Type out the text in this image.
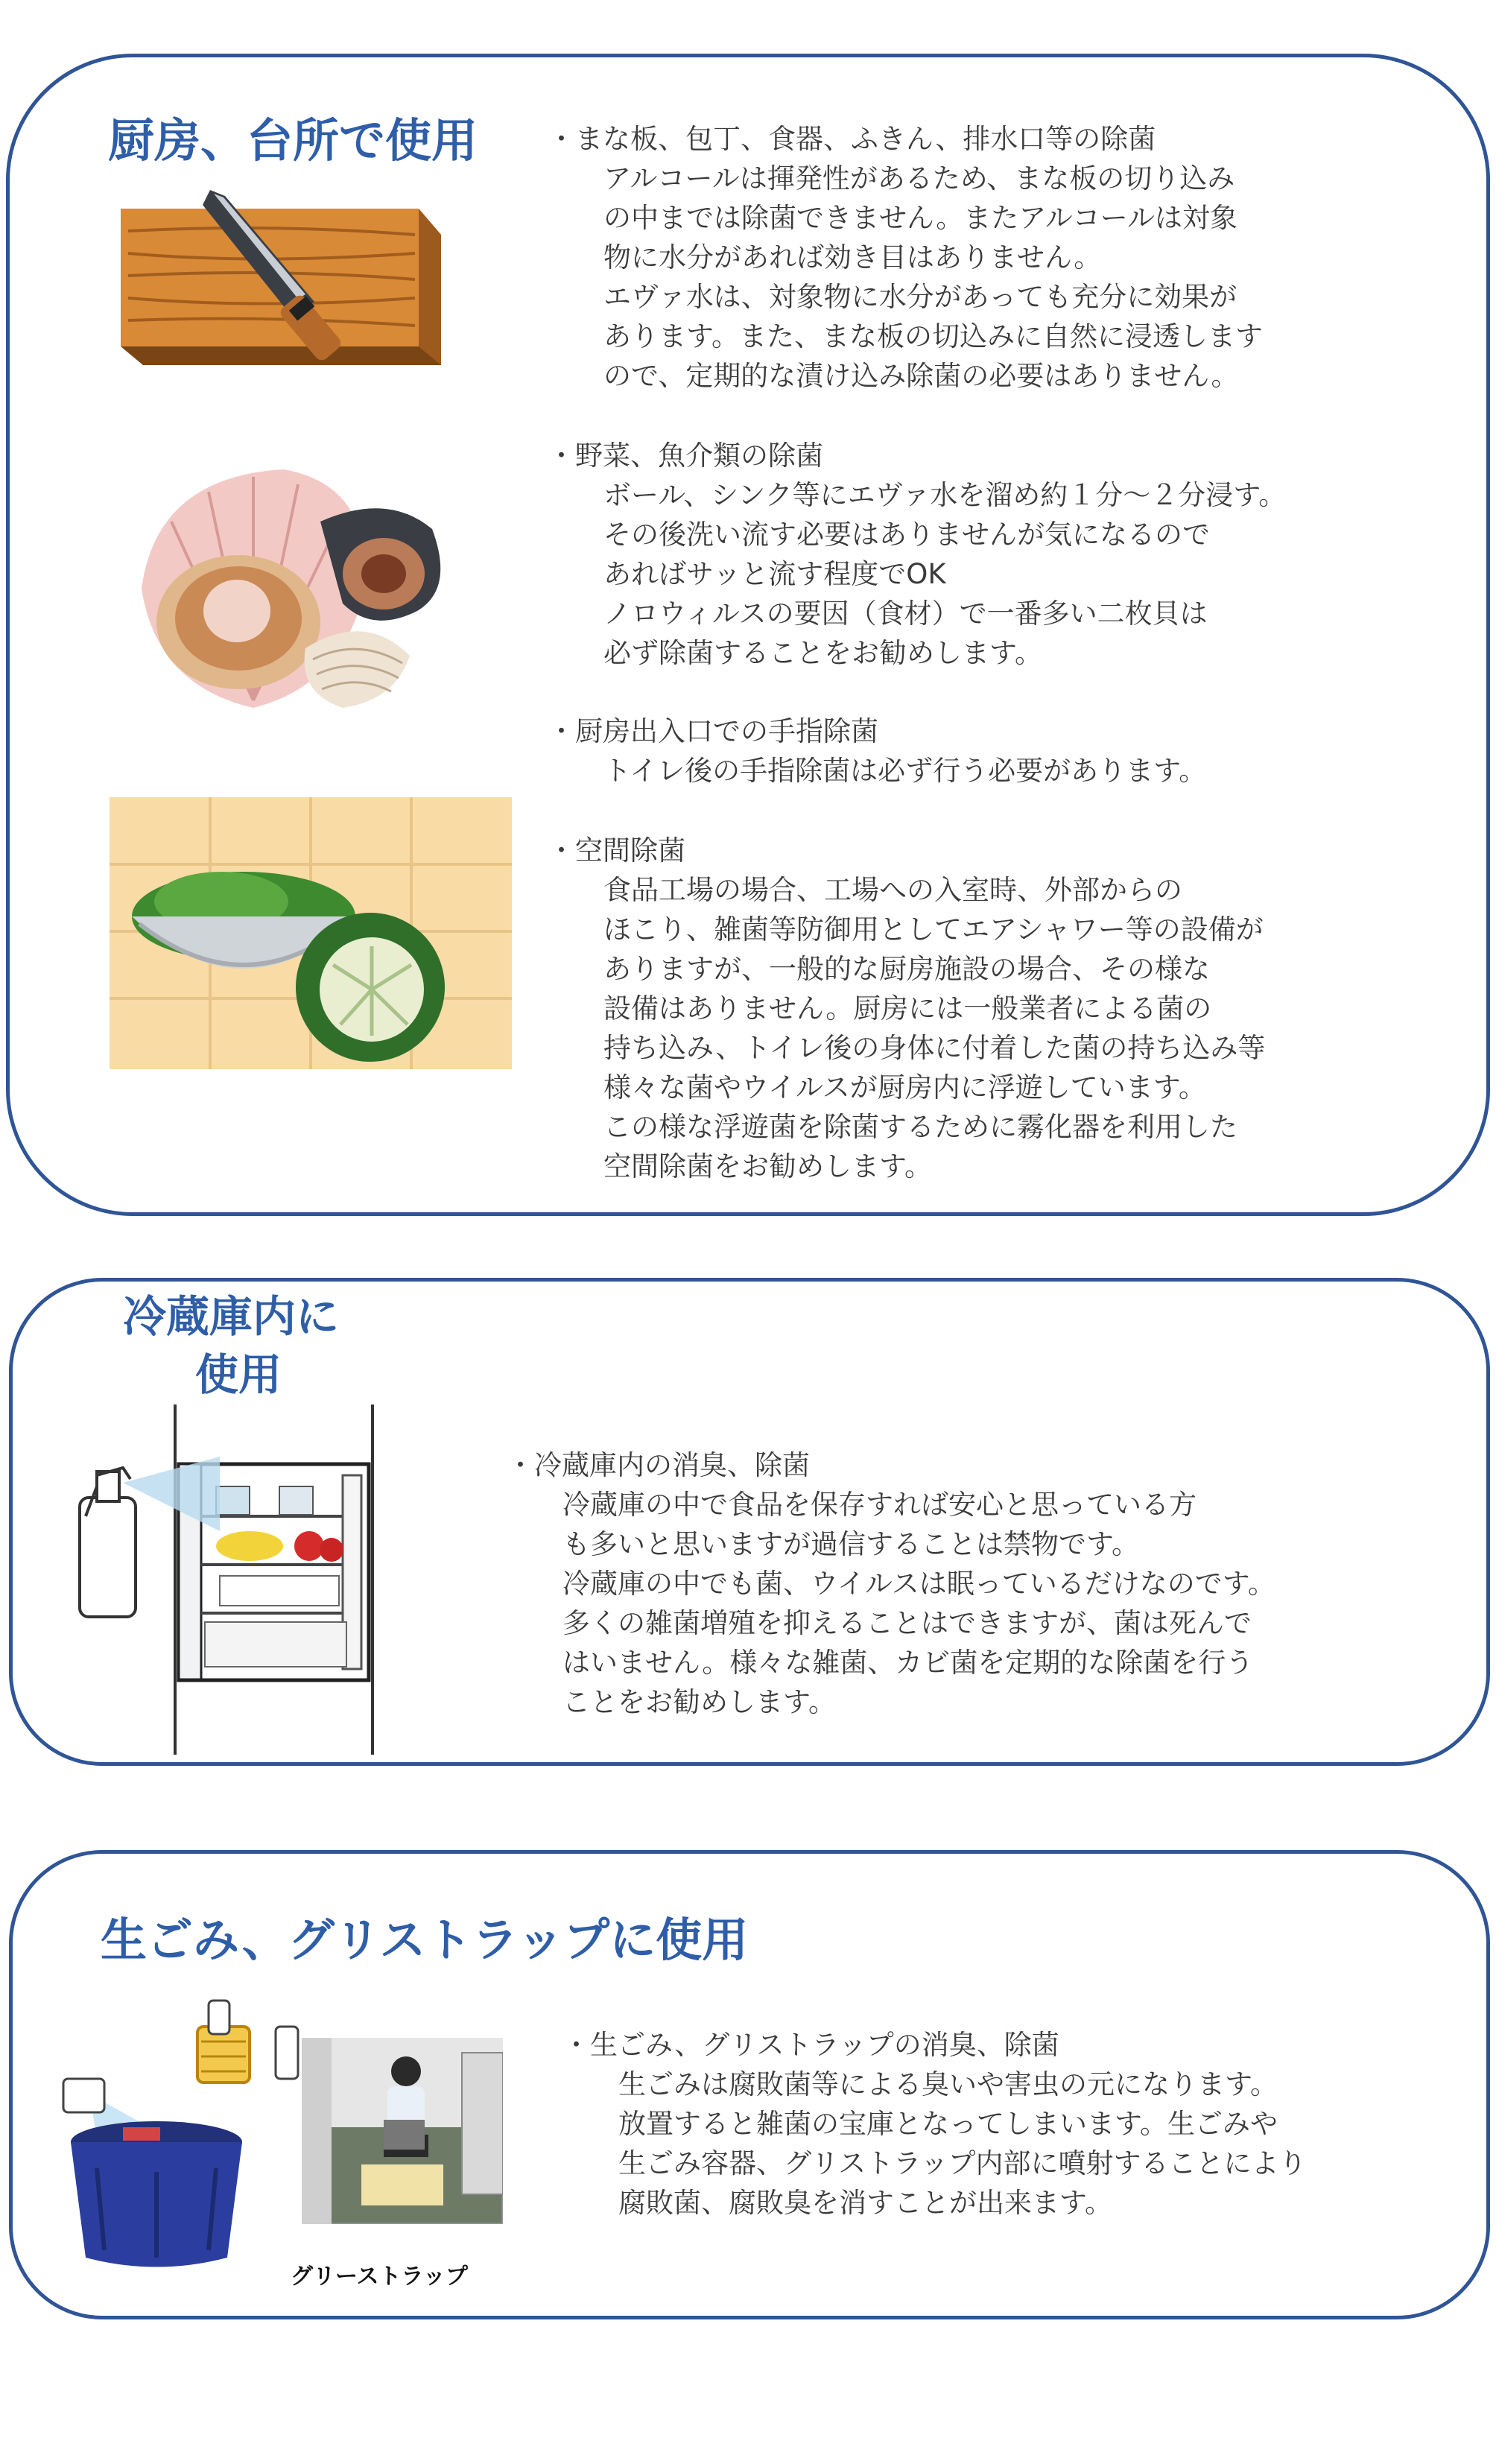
厨房、台所で使用
・	まな板、包丁、食器、ふきん、排水口等の除菌
アルコールは揮発性があるため、まな板の切り込み
の中までは除菌できません。またアルコールは対象
物に水分があれば効き目はありません。
エヴァ水は、対象物に水分があっても充分に効果が
あります。また、まな板の切込みに自然に浸透します
ので、定期的な漬け込み除菌の必要はありません。
・ 野菜、魚介類の除菌
ボール、シンク等にエヴァ水を溜め約１分～２分浸す。
その後洗い流す必要はありませんが気になるので
あればサッと流す程度でOK
ノロウィルスの要因（食材）で一番多い二枚貝は
必ず除菌することをお勧めします。
・ 厨房出入口での手指除菌
トイレ後の手指除菌は必ず行う必要があります。
・ 空間除菌
食品工場の場合、工場への入室時、外部からの
ほこり、雑菌等防御用としてエアシャワー等の設備が
ありますが、一般的な厨房施設の場合、その様な
設備はありません。厨房には一般業者による菌の
持ち込み、トイレ後の身体に付着した菌の持ち込み等
様々な菌やウイルスが厨房内に浮遊しています。
この様な浮遊菌を除菌するために霧化器を利用した
空間除菌をお勧めします。
冷蔵庫内に
使用
・ 冷蔵庫内の消臭、除菌
冷蔵庫の中で食品を保存すれば安心と思っている方
も多いと思いますが過信することは禁物です。
冷蔵庫の中でも菌、ウイルスは眠っているだけなのです。
多くの雑菌増殖を抑えることはできますが、菌は死んで
はいません。様々な雑菌、カビ菌を定期的な除菌を行う
ことをお勧めします。
生ごみ、グリストラップに使用
グリーストラップ
・ 生ごみ、グリストラップの消臭、除菌
生ごみは腐敗菌等による臭いや害虫の元になります。
放置すると雑菌の宝庫となってしまいます。生ごみや
生ごみ容器、グリストラップ内部に噴射することにより
腐敗菌、腐敗臭を消すことが出来ます。
